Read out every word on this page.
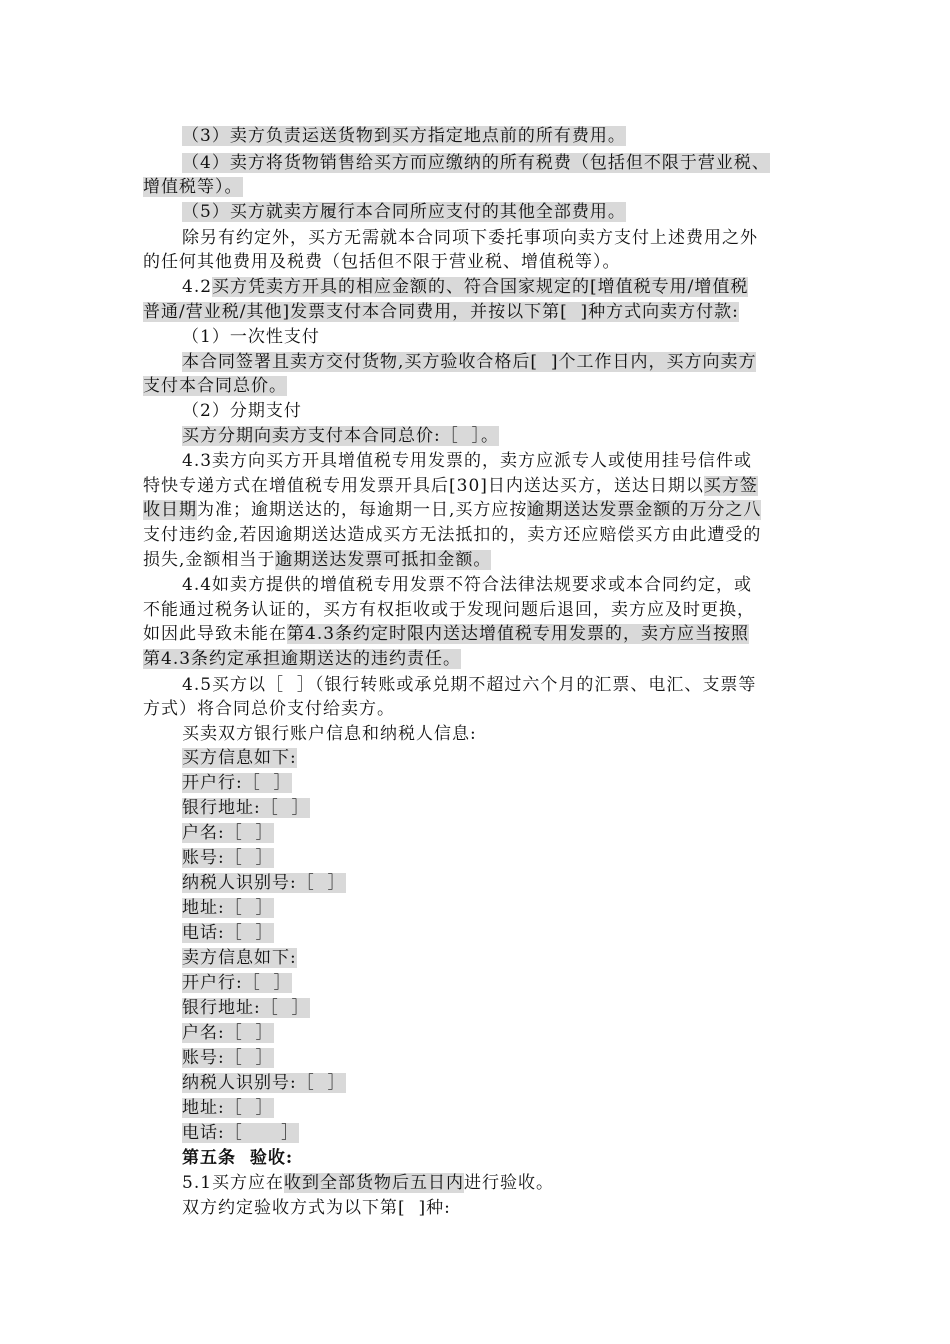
（3）卖方负责运送货物到买方指定地点前的所有费用。
（4）卖方将货物销售给买方而应缴纳的所有税费（包括但不限于营业税、
增值税等）。
（5）买方就卖方履行本合同所应支付的其他全部费用。
除另有约定外，买方无需就本合同项下委托事项向卖方支付上述费用之外
的任何其他费用及税费（包括但不限于营业税、增值税等）。
4.2买方凭卖方开具的相应金额的、符合国家规定的[增值税专用/增值税
普通/营业税/其他]发票支付本合同费用，并按以下第[  ]种方式向卖方付款:
（1）一次性支付
本合同签署且卖方交付货物,买方验收合格后[  ]个工作日内，买方向卖方
支付本合同总价。
（2）分期支付
买方分期向卖方支付本合同总价:［  ］。
4.3卖方向买方开具增值税专用发票的，卖方应派专人或使用挂号信件或
特快专递方式在增值税专用发票开具后[30]日内送达买方，送达日期以买方签
收日期为准；逾期送达的，每逾期一日,买方应按逾期送达发票金额的万分之八
支付违约金,若因逾期送达造成买方无法抵扣的，卖方还应赔偿买方由此遭受的
损失,金额相当于逾期送达发票可抵扣金额。
4.4如卖方提供的增值税专用发票不符合法律法规要求或本合同约定，或
不能通过税务认证的，买方有权拒收或于发现问题后退回，卖方应及时更换，
如因此导致未能在第4.3条约定时限内送达增值税专用发票的，卖方应当按照
第4.3条约定承担逾期送达的违约责任。
4.5买方以［  ］（银行转账或承兑期不超过六个月的汇票、电汇、支票等
方式）将合同总价支付给卖方。
买卖双方银行账户信息和纳税人信息:
买方信息如下:
开户行:［  ］
银行地址:［  ］
户名:［  ］
账号:［  ］
纳税人识别号:［  ］
地址:［  ］
电话:［  ］
卖方信息如下:
开户行:［  ］
银行地址:［  ］
户名:［  ］
账号:［  ］
纳税人识别号:［  ］
地址:［  ］
电话:［      ］
第五条  验收:
5.1买方应在收到全部货物后五日内进行验收。
双方约定验收方式为以下第[  ]种:
